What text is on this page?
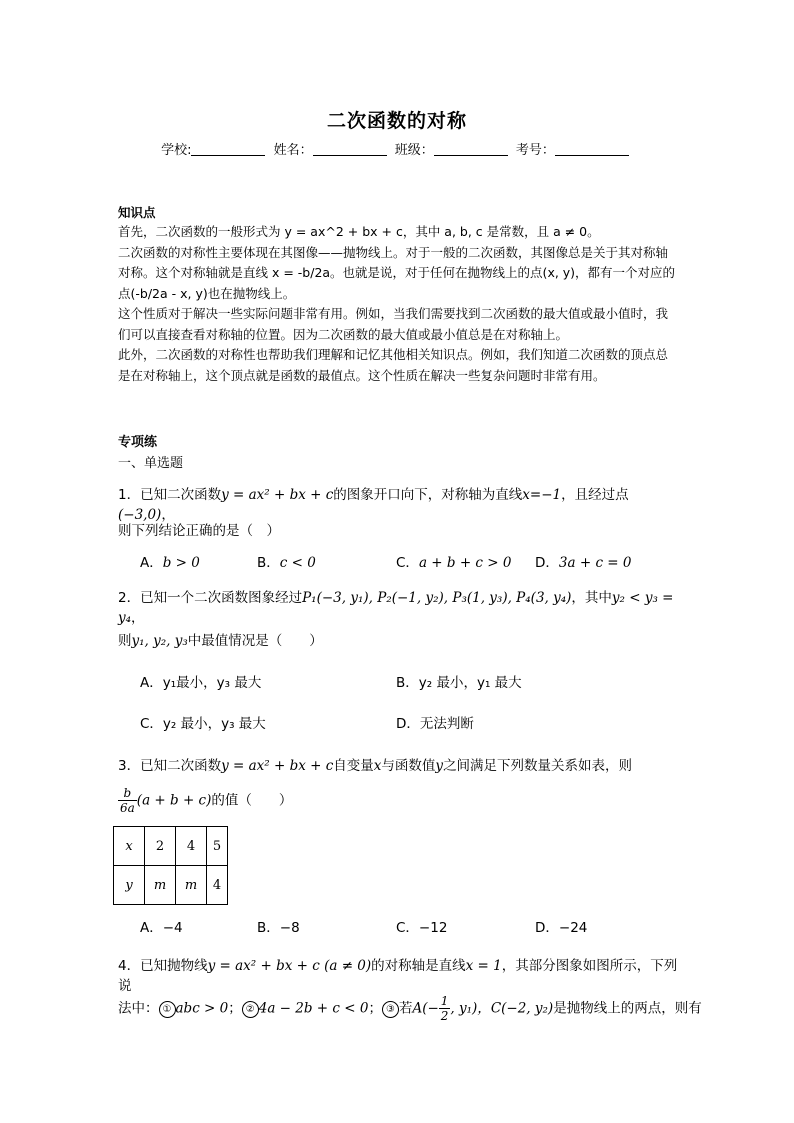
二次函数的对称
学校:	姓名：	班级：	考号：
知识点

首先，二次函数的一般形式为 y = ax^2 + bx + c，其中 a, b, c 是常数，且 a ≠ 0。

二次函数的对称性主要体现在其图像——抛物线上。对于一般的二次函数，其图像总是关于其对称轴对称。这个对称轴就是直线 x = -b/2a。也就是说，对于任何在抛物线上的点(x, y)，都有一个对应的点(-b/2a - x, y)也在抛物线上。

这个性质对于解决一些实际问题非常有用。例如，当我们需要找到二次函数的最大值或最小值时，我们可以直接查看对称轴的位置。因为二次函数的最大值或最小值总是在对称轴上。

此外，二次函数的对称性也帮助我们理解和记忆其他相关知识点。例如，我们知道二次函数的顶点总是在对称轴上，这个顶点就是函数的最值点。这个性质在解决一些复杂问题时非常有用。

专项练
一、单选题
1．已知二次函数y = ax² + bx + c的图象开口向下，对称轴为直线x=−1，且经过点(−3,0)，
则下列结论正确的是（　）
A．b > 0	B．c < 0	C．a + b + c > 0 D．3a + c = 0
2．已知一个二次函数图象经过P₁(−3, y₁), P₂(−1, y₂), P₃(1, y₃), P₄(3, y₄)，其中y₂ < y₃ = y₄，
则y₁, y₂, y₃中最值情况是（　　）
A．y₁最小，y₃ 最大	B．y₂ 最小，y₁ 最大
C．y₂ 最小，y₃ 最大	D．无法判断
3．已知二次函数y = ax² + bx + c自变量x与函数值y之间满足下列数量关系如表，则
$\frac{b}{6a} (a + b + c)$的值（　　）
x	2	4	5
y	m	m	4
A．−4	B．−8	C．−12	D．−24
4．已知抛物线y = ax² + bx + c (a ≠ 0)的对称轴是直线x = 1，其部分图象如图所示，下列说
法中： ① abc > 0； ② 4a − 2b + c < 0； ③ 若$A(- \frac{1}{2}$ , y₁)，C(−2, y₂)是抛物线上的两点，则有
